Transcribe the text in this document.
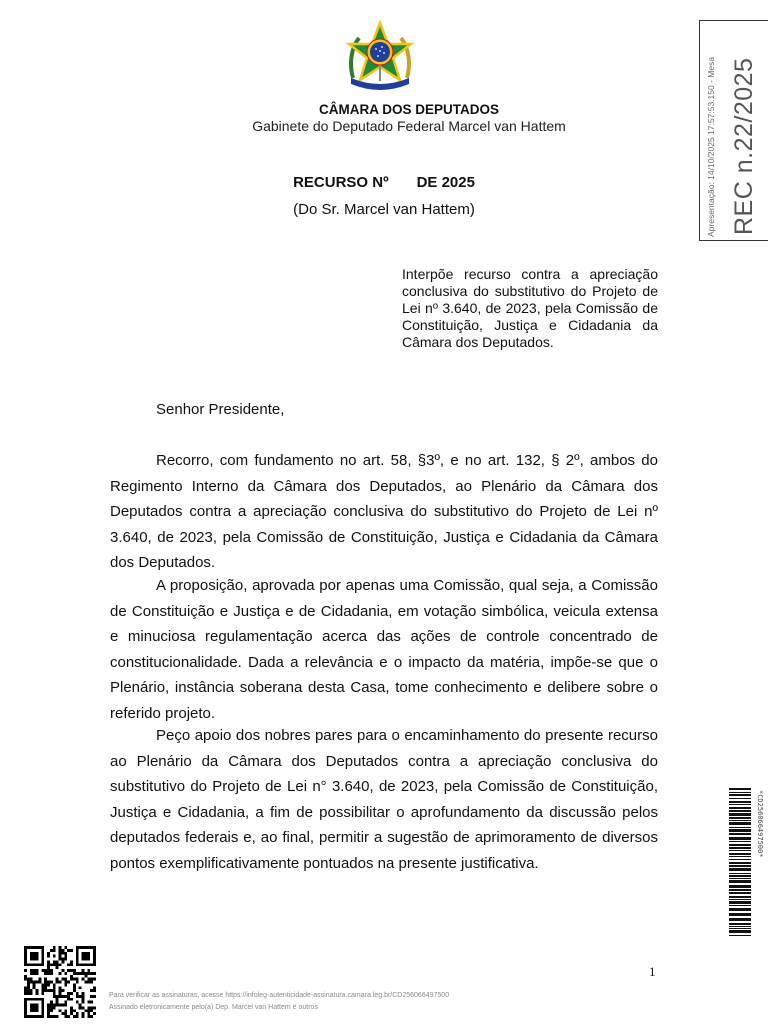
CÂMARA DOS DEPUTADOS
Gabinete do Deputado Federal Marcel van Hattem
RECURSO Nº DE 2025
(Do Sr. Marcel van Hattem)
Interpõe recurso contra a apreciação conclusiva do substitutivo do Projeto de Lei nº 3.640, de 2023, pela Comissão de Constituição, Justiça e Cidadania da Câmara dos Deputados.
Senhor Presidente,
Recorro, com fundamento no art. 58, §3º, e no art. 132, § 2º, ambos do Regimento Interno da Câmara dos Deputados, ao Plenário da Câmara dos Deputados contra a apreciação conclusiva do substitutivo do Projeto de Lei nº 3.640, de 2023, pela Comissão de Constituição, Justiça e Cidadania da Câmara dos Deputados.
A proposição, aprovada por apenas uma Comissão, qual seja, a Comissão de Constituição e Justiça e de Cidadania, em votação simbólica, veicula extensa e minuciosa regulamentação acerca das ações de controle concentrado de constitucionalidade. Dada a relevância e o impacto da matéria, impõe-se que o Plenário, instância soberana desta Casa, tome conhecimento e delibere sobre o referido projeto.
Peço apoio dos nobres pares para o encaminhamento do presente recurso ao Plenário da Câmara dos Deputados contra a apreciação conclusiva do substitutivo do Projeto de Lei n° 3.640, de 2023, pela Comissão de Constituição, Justiça e Cidadania, a fim de possibilitar o aprofundamento da discussão pelos deputados federais e, ao final, permitir a sugestão de aprimoramento de diversos pontos exemplificativamente pontuados na presente justificativa.
Apresentação: 14/10/2025 17:57:53.150 - Mesa REC n.22/2025
*CD256066497500*
1
Para verificar as assinaturas, acesse https://infoleg-autenticidade-assinatura.camara.leg.br/CD256066497500
Assinado eletronicamente pelo(a) Dep. Marcel van Hattem e outros
